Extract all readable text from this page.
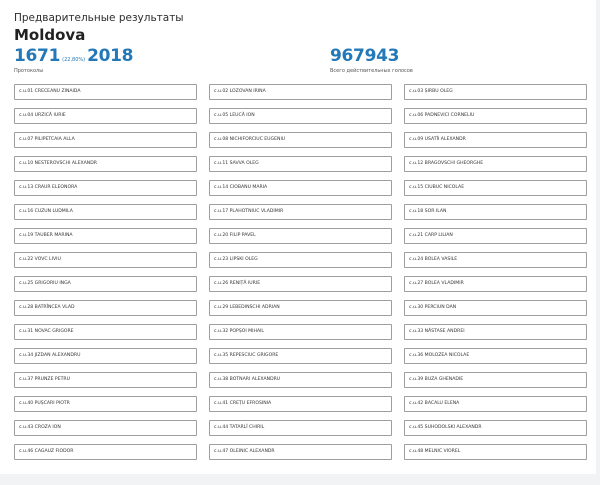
Предварительные результаты
Moldova
1671 (22,80%) 2018
Протоколы
967943
Всего действительных голосов
c.u.01 CRECEANU ZINAIDA	c.u.02 LOZOVAN IRINA	c.u.03 ȘIRBU OLEG
c.u.04 URZICĂ IURIE	c.u.05 LEUCĂ ION	c.u.06 PADNEVICI CORNELIU
c.u.07 PILIPETCAIA ALLA	c.u.08 NICHIFORCIUC EUGENIU	c.u.09 USATÎI ALEXANDR
c.u.10 NESTEROVSCHI ALEXANDR	c.u.11 SAVVA OLEG	c.u.12 BRAGOVSCHI GHEORGHE
c.u.13 CRAUR ELEONORA	c.u.14 CIOBANU MARIA	c.u.15 CIUBUC NICOLAE
c.u.16 CUZUN LUDMILA	c.u.17 PLAHOTNIUC VLADIMIR	c.u.18 SOR ILAN
c.u.19 TAUBER MARINA	c.u.20 FILIP PAVEL	c.u.21 CARP LILIAN
c.u.22 VOVC LIVIU	c.u.23 LIPSKI OLEG	c.u.24 BOLEA VASILE
c.u.25 GRIGORIU INGA	c.u.26 RENIȚĂ IURIE	c.u.27 BOLEA VLADIMIR
c.u.28 BATRÎNCEA VLAD	c.u.29 LEBEDINSCHI ADRIAN	c.u.30 PERCIUN DAN
c.u.31 NOVAC GRIGORE	c.u.32 POPȘOI MIHAIL	c.u.33 NĂSTASE ANDREI
c.u.34 JIZDAN ALEXANDRU	c.u.35 REPESCIUC GRIGORE	c.u.36 MOLOZEA NICOLAE
c.u.37 PRUNZE PETRU	c.u.38 BOTNARI ALEXANDRU	c.u.39 BUZA GHENADIE
c.u.40 PUȘCARI PIOTR	c.u.41 CREȚU EFROSINIA	c.u.42 BACALU ELENA
c.u.43 CROZA ION	c.u.44 TATARLÎ CHIRIL	c.u.45 SUHODOLSKI ALEXANDR
c.u.46 CAGAUZ FIODOR	c.u.47 OLEINIC ALEXANDR	c.u.48 MELNIC VIOREL
